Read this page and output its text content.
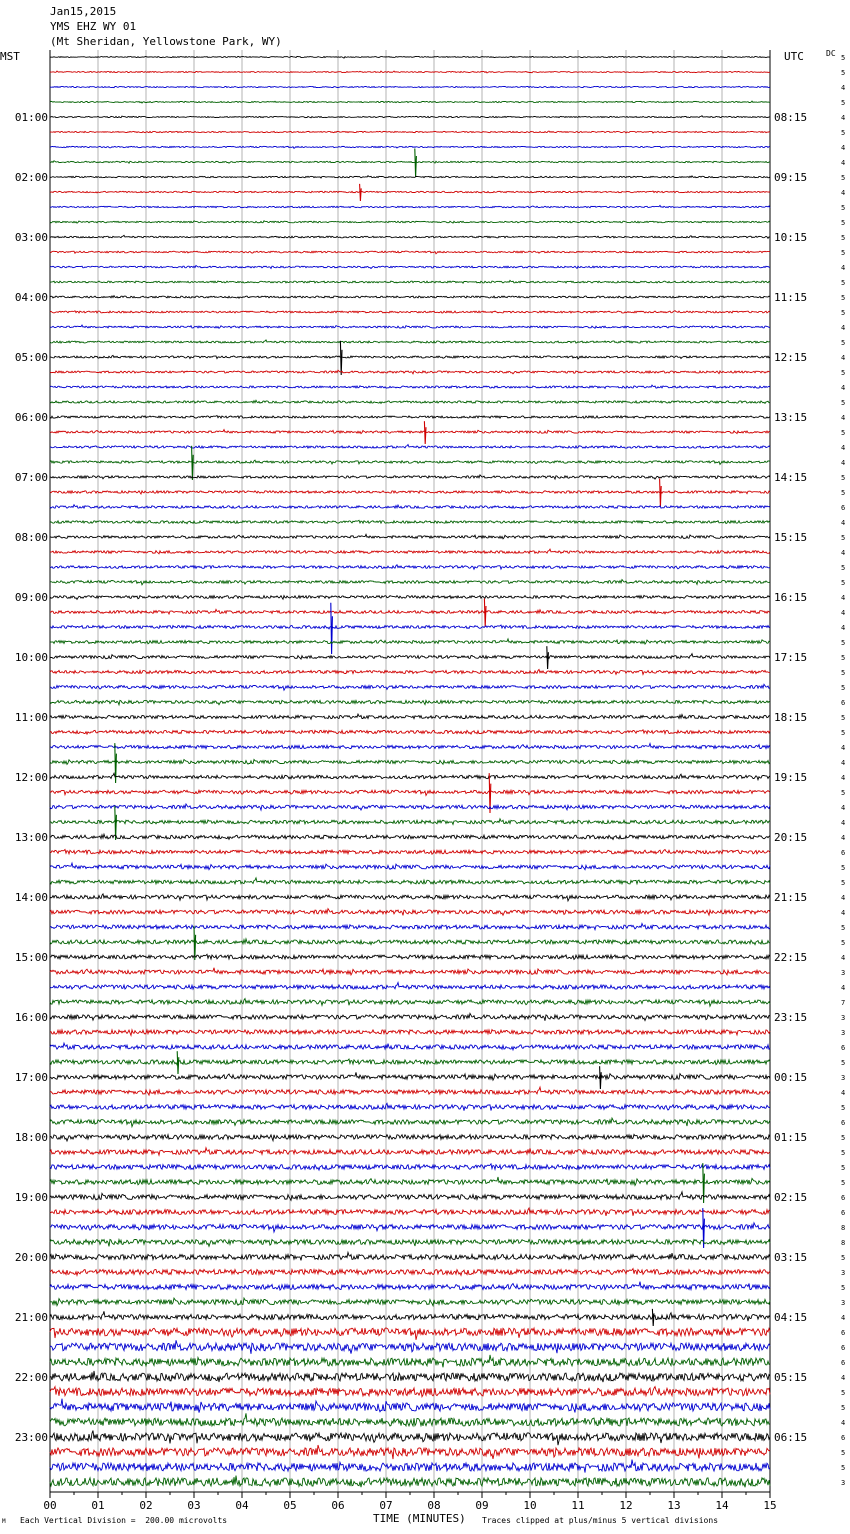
Jan15,2015
YMS EHZ WY 01
(Mt Sheridan, Yellowstone Park, WY)
MST	UTC	DC
00	01	02	03	04	05	06	07	08	09	10	11	12	13	14	15
5
5
4
5
4
5
4
4
5
4
5
5
5
5
4
5
5
5
4
5
4
5
4
5
4
5
4
4
5
5
6
4
5
4
5
5
4
4
4
5
5
5
5
6
5
5
4
4
4
5
4
4
4
6
5
5
4
4
5
5
4
3
4
7
3
3
6
5
3
4
5
6
5
5
5
5
6
6
8
8
5
3
5
3
4
6
6
6
4
5
5
4
6
5
5
3
01:00
02:00
03:00
04:00
05:00
06:00
07:00
08:00
09:00
10:00
11:00
12:00
13:00
14:00
15:00
16:00
17:00
18:00
19:00
20:00
21:00
22:00
23:00
08:15
09:15
10:15
11:15
12:15
13:15
14:15
15:15
16:15
17:15
18:15
19:15
20:15
21:15
22:15
23:15
00:15
01:15
02:15
03:15
04:15
05:15
06:15
TIME (MINUTES)
Each Vertical Division =  200.00 microvolts	Traces clipped at plus/minus 5 vertical divisions
M
